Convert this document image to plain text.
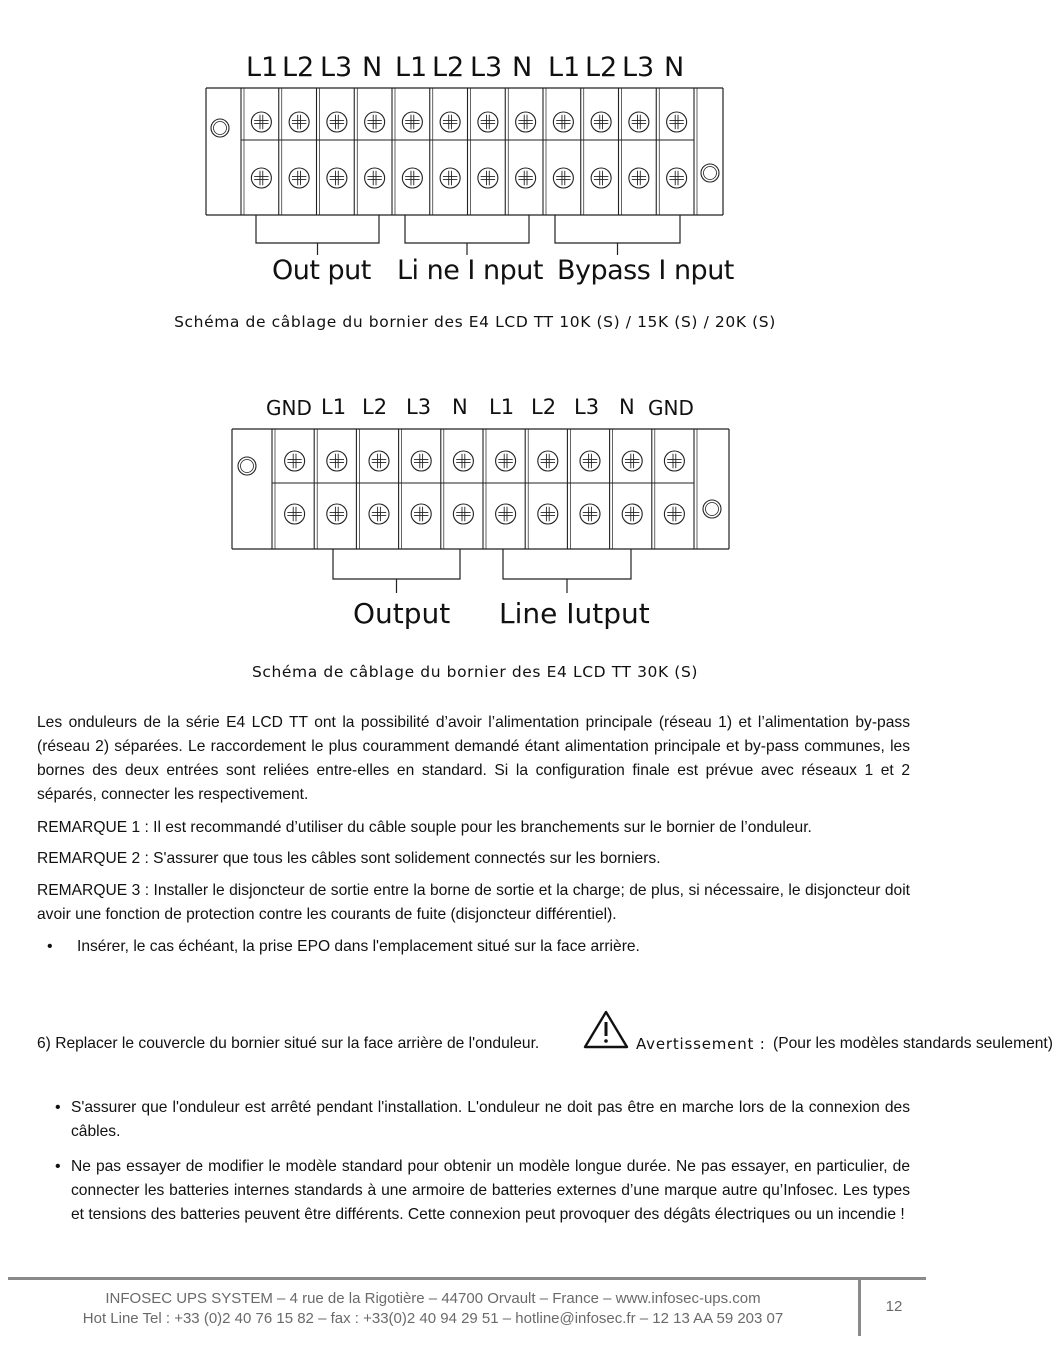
L1 L2 L3 N L1 L2 L3 N L1 L2 L3 N
Out put Li ne I nput Bypass I nput
Schéma de câblage du bornier des E4 LCD TT 10K (S) / 15K (S) / 20K (S)
GND L1 L2 L3 N L1 L2 L3 N GND
Output Line Iutput
Schéma de câblage du bornier des E4 LCD TT 30K (S)

Les onduleurs de la série E4 LCD TT ont la possibilité d’avoir l’alimentation principale (réseau 1) et l’alimentation by-pass (réseau 2) séparées. Le raccordement le plus couramment demandé étant alimentation principale et by-pass communes, les bornes des deux entrées sont reliées entre-elles en standard. Si la configuration finale est prévue avec réseaux 1 et 2 séparés, connecter les respectivement.

REMARQUE 1 : Il est recommandé d’utiliser du câble souple pour les branchements sur le bornier de l’onduleur.

REMARQUE 2 : S'assurer que tous les câbles sont solidement connectés sur les borniers.

REMARQUE 3 : Installer le disjoncteur de sortie entre la borne de sortie et la charge; de plus, si nécessaire, le disjoncteur doit avoir une fonction de protection contre les courants de fuite (disjoncteur différentiel).

• Insérer, le cas échéant, la prise EPO dans l'emplacement situé sur la face arrière.

6) Replacer le couvercle du bornier situé sur la face arrière de l'onduleur.	Avertissement : (Pour les modèles standards seulement)
• S'assurer que l'onduleur est arrêté pendant l'installation. L'onduleur ne doit pas être en marche lors de la connexion des câbles.

• Ne pas essayer de modifier le modèle standard pour obtenir un modèle longue durée. Ne pas essayer, en particulier, de connecter les batteries internes standards à une armoire de batteries externes d’une marque autre qu’Infosec. Les types et tensions des batteries peuvent être différents. Cette connexion peut provoquer des dégâts électriques ou un incendie !

INFOSEC UPS SYSTEM – 4 rue de la Rigotière – 44700 Orvault – France – www.infosec-ups.com
Hot Line Tel : +33 (0)2 40 76 15 82 – fax : +33(0)2 40 94 29 51 – hotline@infosec.fr – 12 13 AA 59 203 07
12
